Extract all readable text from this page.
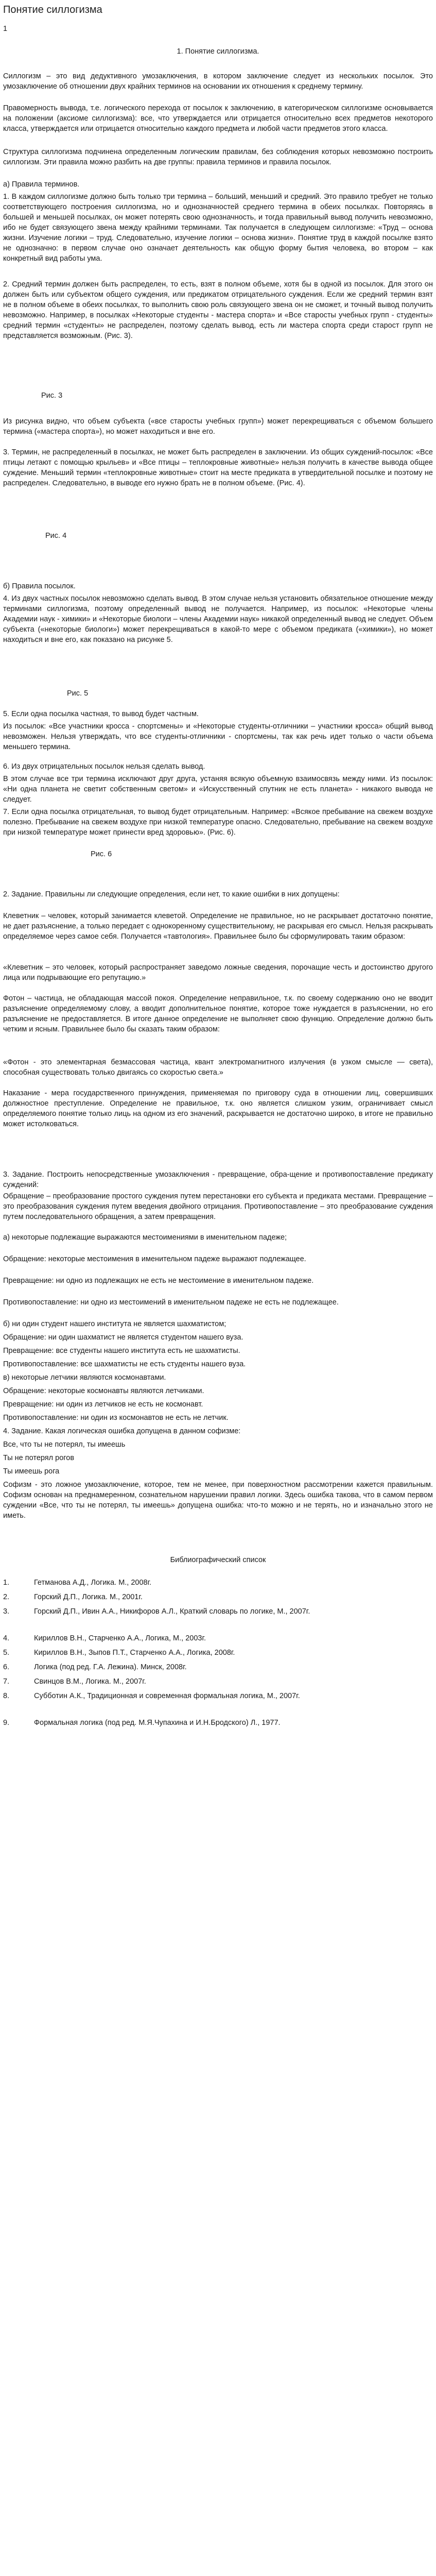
Понятие силлогизма
1
1. Понятие силлогизма.
Силлогизм – это вид дедуктивного умозаключения, в котором заключение следует из нескольких посылок. Это умозаключение об отношении двух крайних терминов на основании их отношения к среднему термину.
Правомерность вывода, т.е. логического перехода от посылок к заключению, в категорическом силлогизме основывается на положении (аксиоме силлогизма): все, что утверждается или отрицается относительно всех предметов некоторого класса, утверждается или отрицается относительно каждого предмета и любой части предметов этого класса.
Структура силлогизма подчинена определенным логическим правилам, без соблюдения которых невозможно построить силлогизм. Эти правила можно разбить на две группы: правила терминов и правила посылок.
а) Правила терминов.
1. В каждом силлогизме должно быть только три термина – больший, меньший и средний. Это правило требует не только соответствующего построения силлогизма, но и однозначностей среднего термина в обеих посылках. Повторяясь в большей и меньшей посылках, он может потерять свою однозначность, и тогда правильный вывод получить невозможно, ибо не будет связующего звена между крайними терминами. Так получается в следующем силлогизме: «Труд – основа жизни. Изучение логики – труд. Следовательно, изучение логики – основа жизни». Понятие труд в каждой посылке взято не однозначно: в первом случае оно означает деятельность как общую форму бытия человека, во втором – как конкретный вид работы ума.
2. Средний термин должен быть распределен, то есть, взят в полном объеме, хотя бы в одной из посылок. Для этого он должен быть или субъектом общего суждения, или предикатом отрицательного суждения. Если же средний термин взят не в полном объеме в обеих посылках, то выполнить свою роль связующего звена он не сможет, и точный вывод получить невозможно. Например, в посылках «Некоторые студенты - мастера спорта» и «Все старосты учебных групп - студенты» средний термин «студенты» не распределен, поэтому сделать вывод, есть ли мастера спорта среди старост групп не представляется возможным. (Рис. 3).
Рис. 3
Из рисунка видно, что объем субъекта («все старосты учебных групп») может перекрещиваться с объемом большего термина («мастера спорта»), но может находиться и вне его.
3. Термин, не распределенный в посылках, не может быть распределен в заключении. Из общих суждений-посылок: «Все птицы летают с помощью крыльев» и «Все птицы – теплокровные животные» нельзя получить в качестве вывода общее суждение. Меньший термин «теплокровные животные» стоит на месте предиката в утвердительной посылке и поэтому не распределен. Следовательно, в выводе его нужно брать не в полном объеме. (Рис. 4).
Рис. 4
б) Правила посылок.
4. Из двух частных посылок невозможно сделать вывод. В этом случае нельзя установить обязательное отношение между терминами силлогизма, поэтому определенный вывод не получается. Например, из посылок: «Некоторые члены Академии наук - химики» и «Некоторые биологи – члены Академии наук» никакой определенный вывод не следует. Объем субъекта («некоторые биологи») может перекрещиваться в какой-то мере с объемом предиката («химики»), но может находиться и вне его, как показано на рисунке 5.
Рис. 5
5. Если одна посылка частная, то вывод будет частным.
Из посылок: «Все участники кросса - спортсмены» и «Некоторые студенты-отличники – участники кросса» общий вывод невозможен. Нельзя утверждать, что все студенты-отличники - спортсмены, так как речь идет только о части объема меньшего термина.
6. Из двух отрицательных посылок нельзя сделать вывод.
В этом случае все три термина исключают друг друга, устаняя всякую объемную взаимосвязь между ними. Из посылок: «Ни одна планета не светит собственным светом» и «Искусственный спутник не есть планета» - никакого вывода не следует.
7. Если одна посылка отрицательная, то вывод будет отрицательным. Например: «Всякое пребывание на свежем воздухе полезно. Пребывание на свежем воздухе при низкой температуре опасно. Следовательно, пребывание на свежем воздухе при низкой температуре может принести вред здоровью». (Рис. 6).
Рис. 6
2. Задание. Правильны ли следующие определения, если нет, то какие ошибки в них допущены:
Клеветник – человек, который занимается клеветой. Определение не правильное, но не раскрывает достаточно понятие, не дает разъяснение, а только передает с однокоренному существительному, не раскрывая его смысл. Нельзя раскрывать определяемое через самое себя. Получается «тавтология». Правильнее было бы сформулировать таким образом:
«Клеветник – это человек, который распространяет заведомо ложные сведения, порочащие честь и достоинство другого лица или подрывающие его репутацию.»
Фотон – частица, не обладающая массой покоя. Определение неправильное, т.к. по своему содержанию оно не вводит разъяснение определяемому слову, а вводит дополнительное понятие, которое тоже нуждается в разъяснении, но его разъяснение не предоставляется. В итоге данное определение не выполняет свою функцию. Определение должно быть четким и ясным. Правильнее было бы сказать таким образом:
«Фотон - это элементарная безмассовая частица, квант электромагнитного излучения (в узком смысле — света), способная существовать только двигаясь со скоростью света.»
Наказание - мера государственного принуждения, применяемая по приговору суда в отношении лиц, совершивших должностное преступление. Определение не правильное, т.к. оно является слишком узким, ограничивает смысл определяемого понятие только лиць на одном из его значений, раскрывается не достаточно широко, в итоге не правильно может истолковаться.
3. Задание. Построить непосредственные умозаключения - превращение, обра-щение и противопоставление предикату суждений:
Обращение – преобразование простого суждения путем перестановки его субъекта и предиката местами. Превращение – это преобразования суждения путем введения двойного отрицания. Противопоставление – это преобразование суждения путем последовательного обращения, а затем превращения.
а) некоторые подлежащие выражаются местоимениями в именительном падеже;
Обращение: некоторые местоимения в именительном падеже выражают подлежащее.
Превращение: ни одно из подлежащих не есть не местоимение в именительном падеже.
Противопоставление: ни одно из местоимений в именительном падеже не есть не подлежащее.
б) ни один студент нашего института не является шахматистом;
Обращение: ни один шахматист не является студентом нашего вуза.
Превращение: все студенты нашего института есть не шахматисты.
Противопоставление: все шахматисты не есть студенты нашего вуза.
в) некоторые летчики являются космонавтами.
Обращение: некоторые космонавты являются летчиками.
Превращение: ни один из летчиков не есть не космонавт.
Противопоставление: ни один из космонавтов не есть не летчик.
4. Задание. Какая логическая ошибка допущена в данном софизме:
Все, что ты не потерял, ты имеешь
Ты не потерял рогов
Ты имеешь рога
Софизм - это ложное умозаключение, которое, тем не менее, при поверхностном рассмотрении кажется правильным. Софизм основан на преднамеренном, сознательном нарушении правил логики. Здесь ошибка такова, что в самом первом суждении «Все, что ты не потерял, ты имеешь» допущена ошибка: что-то можно и не терять, но и изначально этого не иметь.
Библиографический список
1.	Гетманова А.Д., Логика. М., 2008г.
2.	Горский Д.П., Логика. М., 2001г.
3.	Горский Д.П., Ивин А.А., Никифоров А.Л., Краткий словарь по логике, М., 2007г.
4.	Кириллов В.Н., Старченко А.А., Логика, М., 2003г.
5.	Кириллов В.Н., Зыпов П.Т., Старченко А.А., Логика, 2008г.
6.	Логика (под ред. Г.А. Лежина). Минск, 2008г.
7.	Свинцов В.М., Логика. М., 2007г.
8.	Субботин А.К., Традиционная и современная формальная логика, М., 2007г.
9.	Формальная логика (под ред. М.Я.Чупахина и И.Н.Бродского) Л., 1977.
